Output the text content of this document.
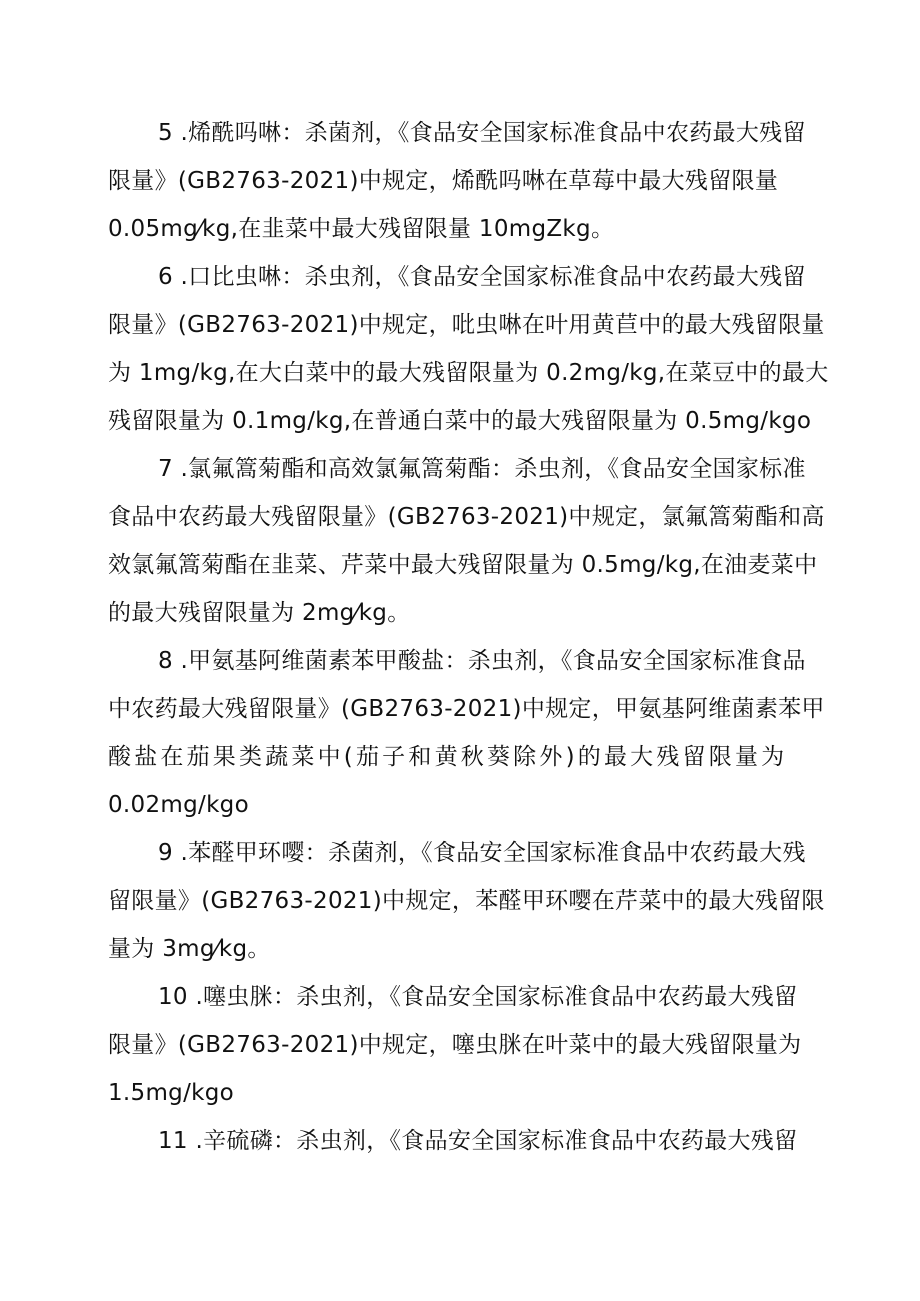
5 .烯酰吗啉：杀菌剂，《食品安全国家标准食品中农药最大残留
限量》(GB2763-2021)中规定，烯酰吗啉在草莓中最大残留限量
0.05mg⁄kg,在韭菜中最大残留限量 10mgZkg。
6 .口比虫啉：杀虫剂，《食品安全国家标准食品中农药最大残留
限量》(GB2763-2021)中规定，吡虫啉在叶用黄苣中的最大残留限量
为 1mg/kg,在大白菜中的最大残留限量为 0.2mg/kg,在菜豆中的最大
残留限量为 0.1mg/kg,在普通白菜中的最大残留限量为 0.5mg/kgo
7 .氯氟篙菊酯和高效氯氟篙菊酯：杀虫剂，《食品安全国家标准
食品中农药最大残留限量》(GB2763-2021)中规定，氯氟篙菊酯和高
效氯氟篙菊酯在韭菜、芹菜中最大残留限量为 0.5mg/kg,在油麦菜中
的最大残留限量为 2mg⁄kg。
8 .甲氨基阿维菌素苯甲酸盐：杀虫剂，《食品安全国家标准食品
中农药最大残留限量》(GB2763-2021)中规定，甲氨基阿维菌素苯甲
酸盐在茄果类蔬菜中(茄子和黄秋葵除外)的最大残留限量为
0.02mg/kgo
9 .苯醛甲环嘤：杀菌剂，《食品安全国家标准食品中农药最大残
留限量》(GB2763-2021)中规定，苯醛甲环嘤在芹菜中的最大残留限
量为 3mg⁄kg。
10 .噻虫脒：杀虫剂，《食品安全国家标准食品中农药最大残留
限量》(GB2763-2021)中规定，噻虫脒在叶菜中的最大残留限量为
1.5mg/kgo
11 .辛硫磷：杀虫剂，《食品安全国家标准食品中农药最大残留
